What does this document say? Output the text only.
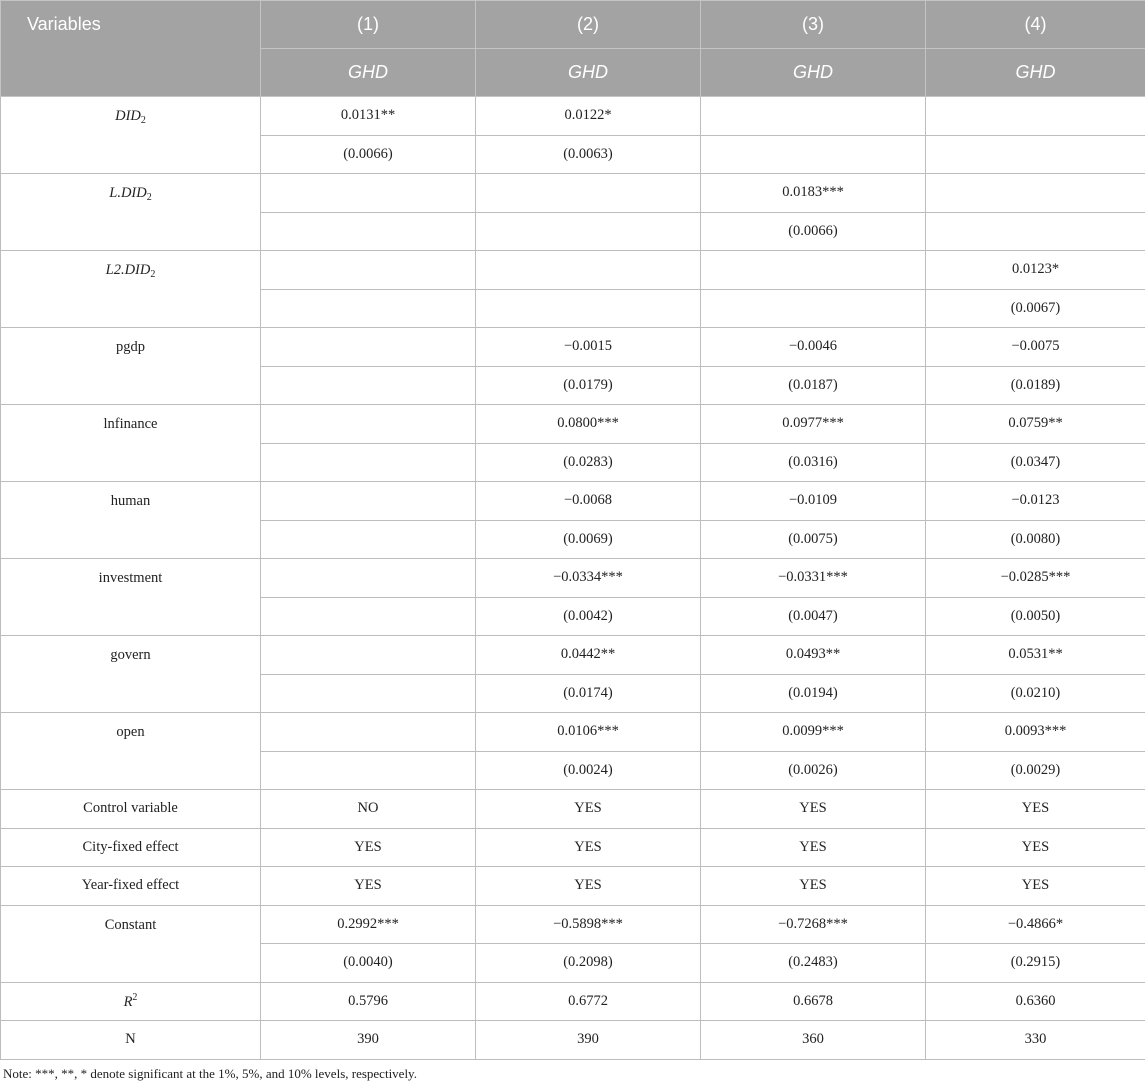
Variables	(1)	(2)	(3)	(4)
	GHD	GHD	GHD	GHD
$DID_2$	0.0131**	0.0122*		
	(0.0066)	(0.0063)		
$L.DID_2$			0.0183***	
			(0.0066)	
$L2.DID_2$				0.0123*
				(0.0067)
pgdp		−0.0015	−0.0046	−0.0075
		(0.0179)	(0.0187)	(0.0189)
lnfinance		0.0800***	0.0977***	0.0759**
		(0.0283)	(0.0316)	(0.0347)
human		−0.0068	−0.0109	−0.0123
		(0.0069)	(0.0075)	(0.0080)
investment		−0.0334***	−0.0331***	−0.0285***
		(0.0042)	(0.0047)	(0.0050)
govern		0.0442**	0.0493**	0.0531**
		(0.0174)	(0.0194)	(0.0210)
open		0.0106***	0.0099***	0.0093***
		(0.0024)	(0.0026)	(0.0029)
Control variable	NO	YES	YES	YES
City-fixed effect	YES	YES	YES	YES
Year-fixed effect	YES	YES	YES	YES
Constant	0.2992***	−0.5898***	−0.7268***	−0.4866*
	(0.0040)	(0.2098)	(0.2483)	(0.2915)
$R^2$	0.5796	0.6772	0.6678	0.6360
N	390	390	360	330
Note: ***, **, * denote significant at the 1%, 5%, and 10% levels, respectively.
